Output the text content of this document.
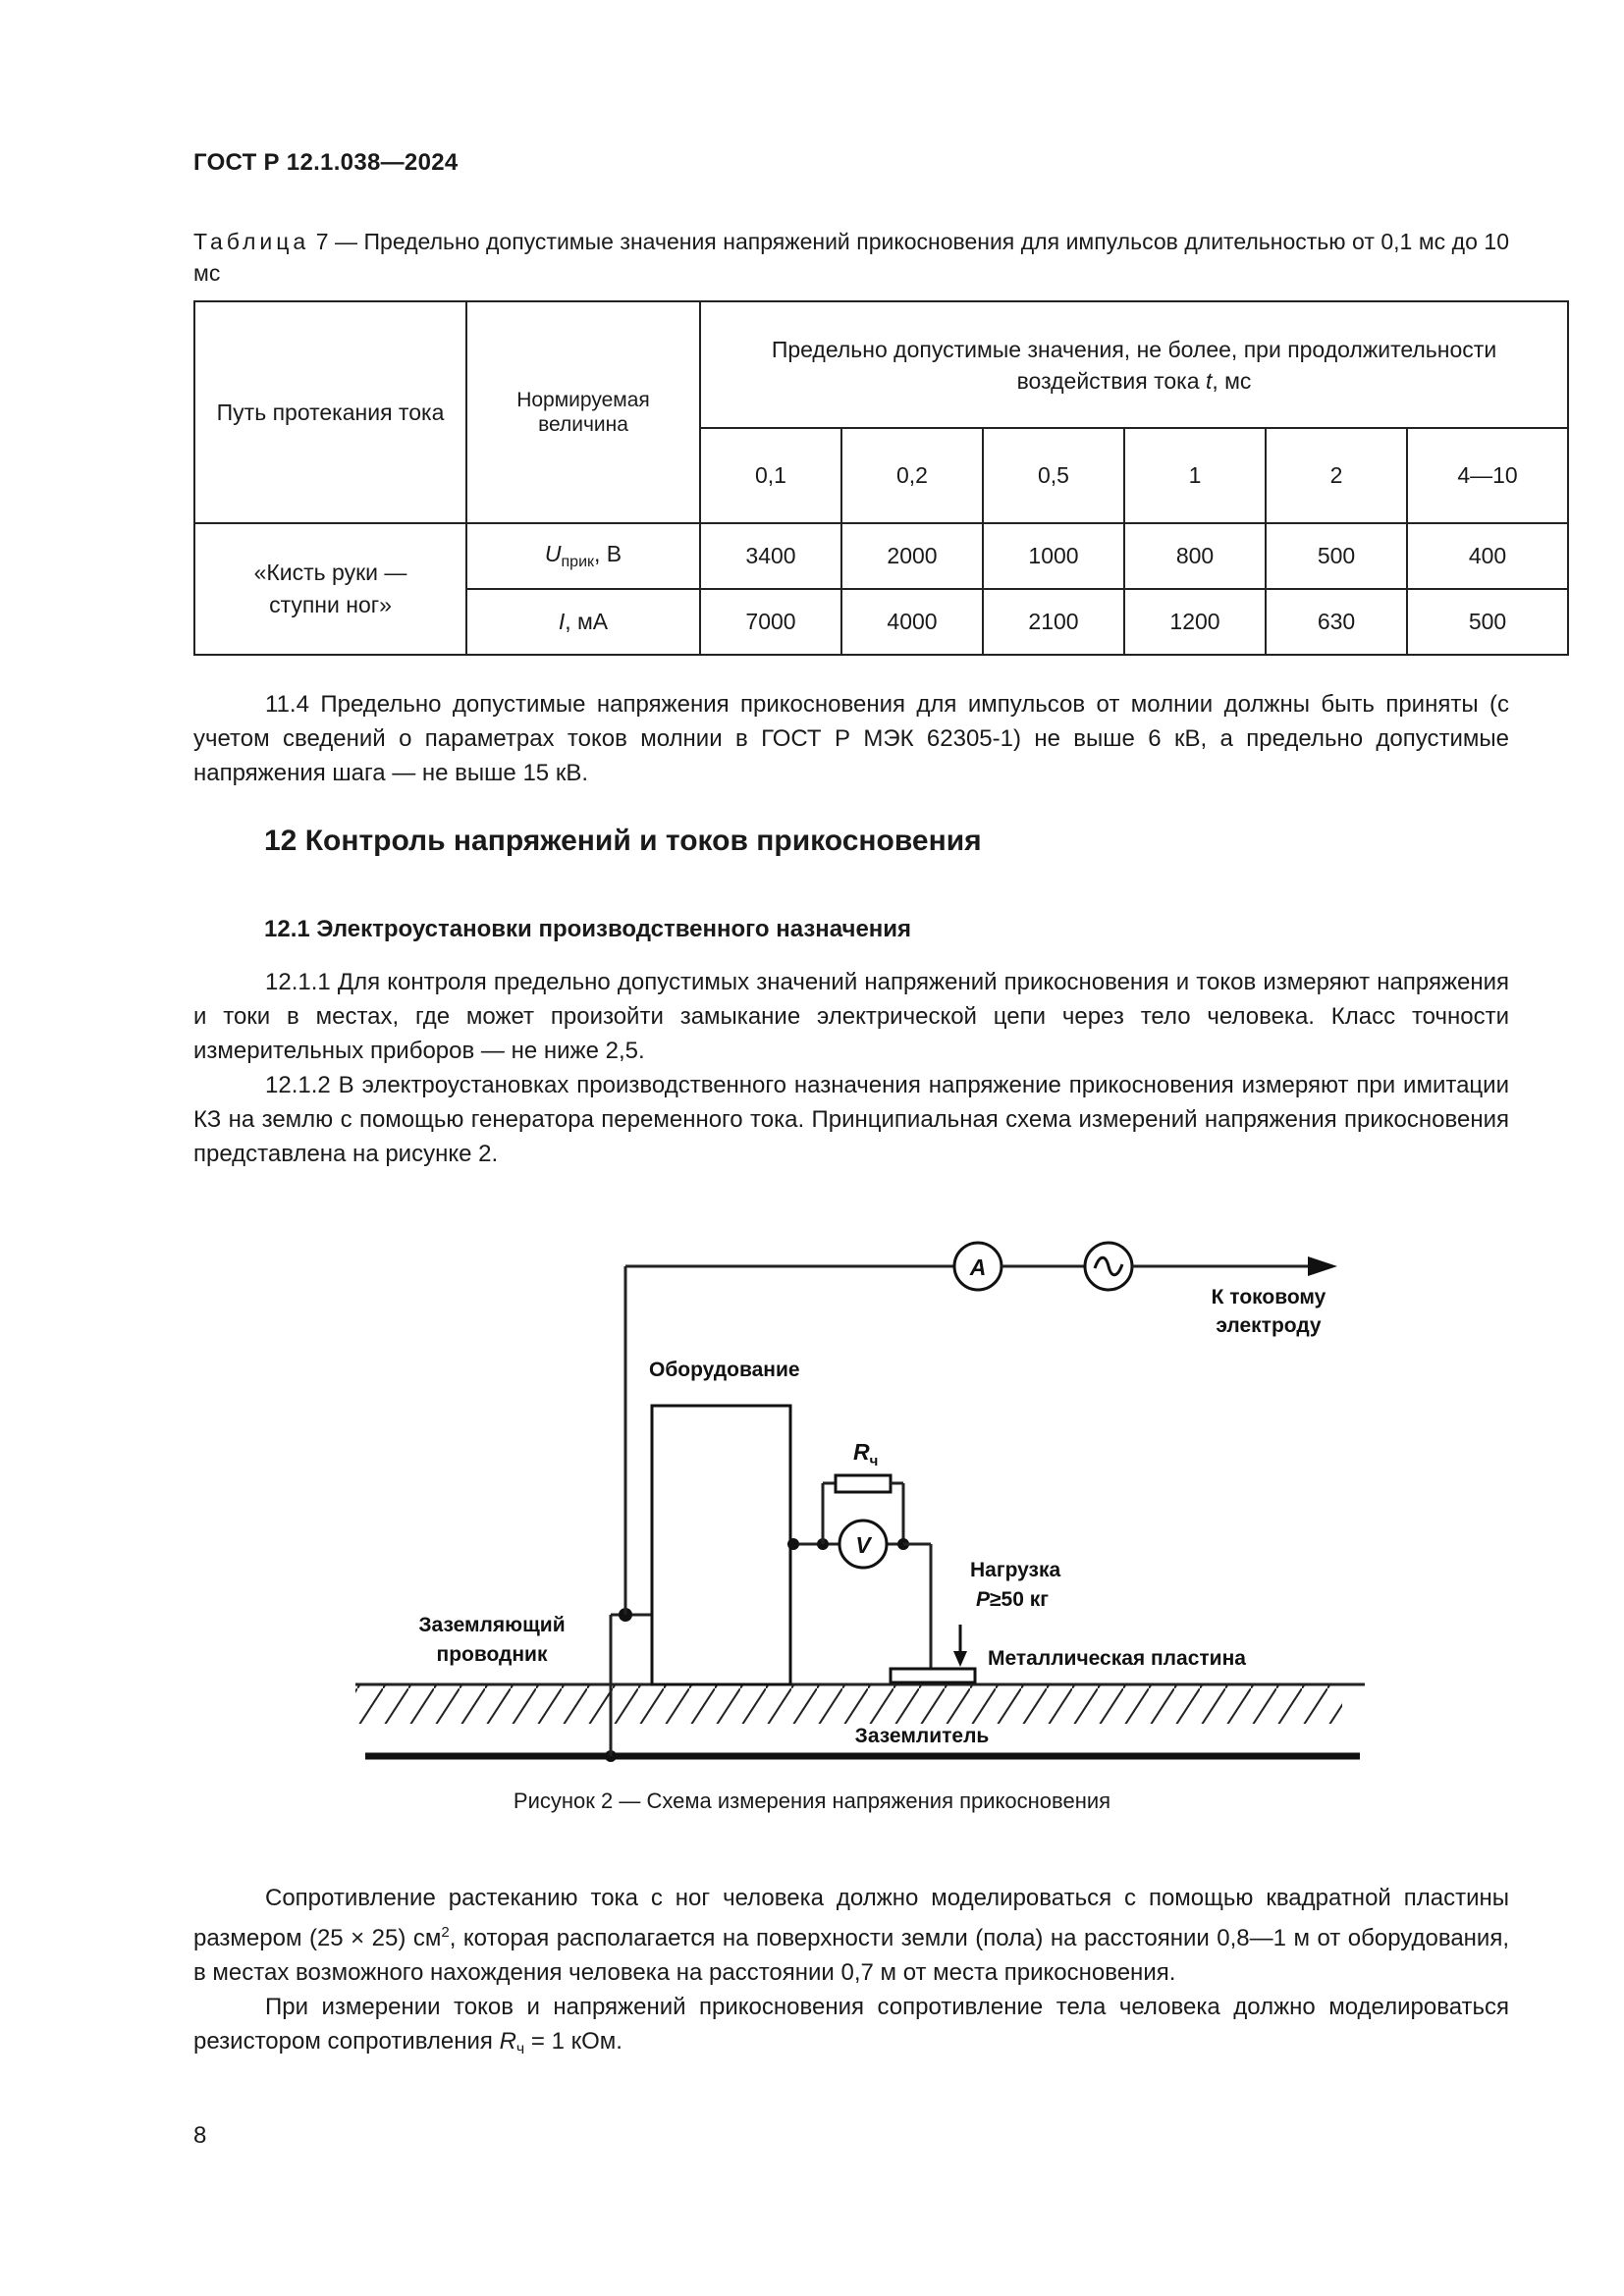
ГОСТ Р 12.1.038—2024
Таблица 7 — Предельно допустимые значения напряжений прикосновения для импульсов длительностью от 0,1 мс до 10 мс
Путь протекания тока	Нормируемая величина	Предельно допустимые значения, не более, при продолжительности воздействия тока t, мс					
		0,1	0,2	0,5	1	2	4—10
«Кисть руки — ступни ног»	$U_{прик}$, В	3400	2000	1000	800	500	400
	I, мА	7000	4000	2100	1200	630	500

11.4 Предельно допустимые напряжения прикосновения для импульсов от молнии должны быть приняты (с учетом сведений о параметрах токов молнии в ГОСТ Р МЭК 62305-1) не выше 6 кВ, а предельно допустимые напряжения шага — не выше 15 кВ.

12 Контроль напряжений и токов прикосновения
12.1 Электроустановки производственного назначения

12.1.1 Для контроля предельно допустимых значений напряжений прикосновения и токов измеряют напряжения и токи в местах, где может произойти замыкание электрической цепи через тело человека. Класс точности измерительных приборов — не ниже 2,5.

12.1.2 В электроустановках производственного назначения напряжение прикосновения измеряют при имитации КЗ на землю с помощью генератора переменного тока. Принципиальная схема измерений напряжения прикосновения представлена на рисунке 2.

A
К токовому
электроду
Оборудование
$R_ч$
V
Нагрузка
P≥50 кг
Металлическая пластина
Заземляющий
проводник
Заземлитель
Рисунок 2 — Схема измерения напряжения прикосновения

Сопротивление растеканию тока с ног человека должно моделироваться с помощью квадратной пластины размером (25 × 25) $см^2$, которая располагается на поверхности земли (пола) на расстоянии 0,8—1 м от оборудования, в местах возможного нахождения человека на расстоянии 0,7 м от места прикосновения.

При измерении токов и напряжений прикосновения сопротивление тела человека должно моделироваться резистором сопротивления $R_ч = 1$ кОм.

8
